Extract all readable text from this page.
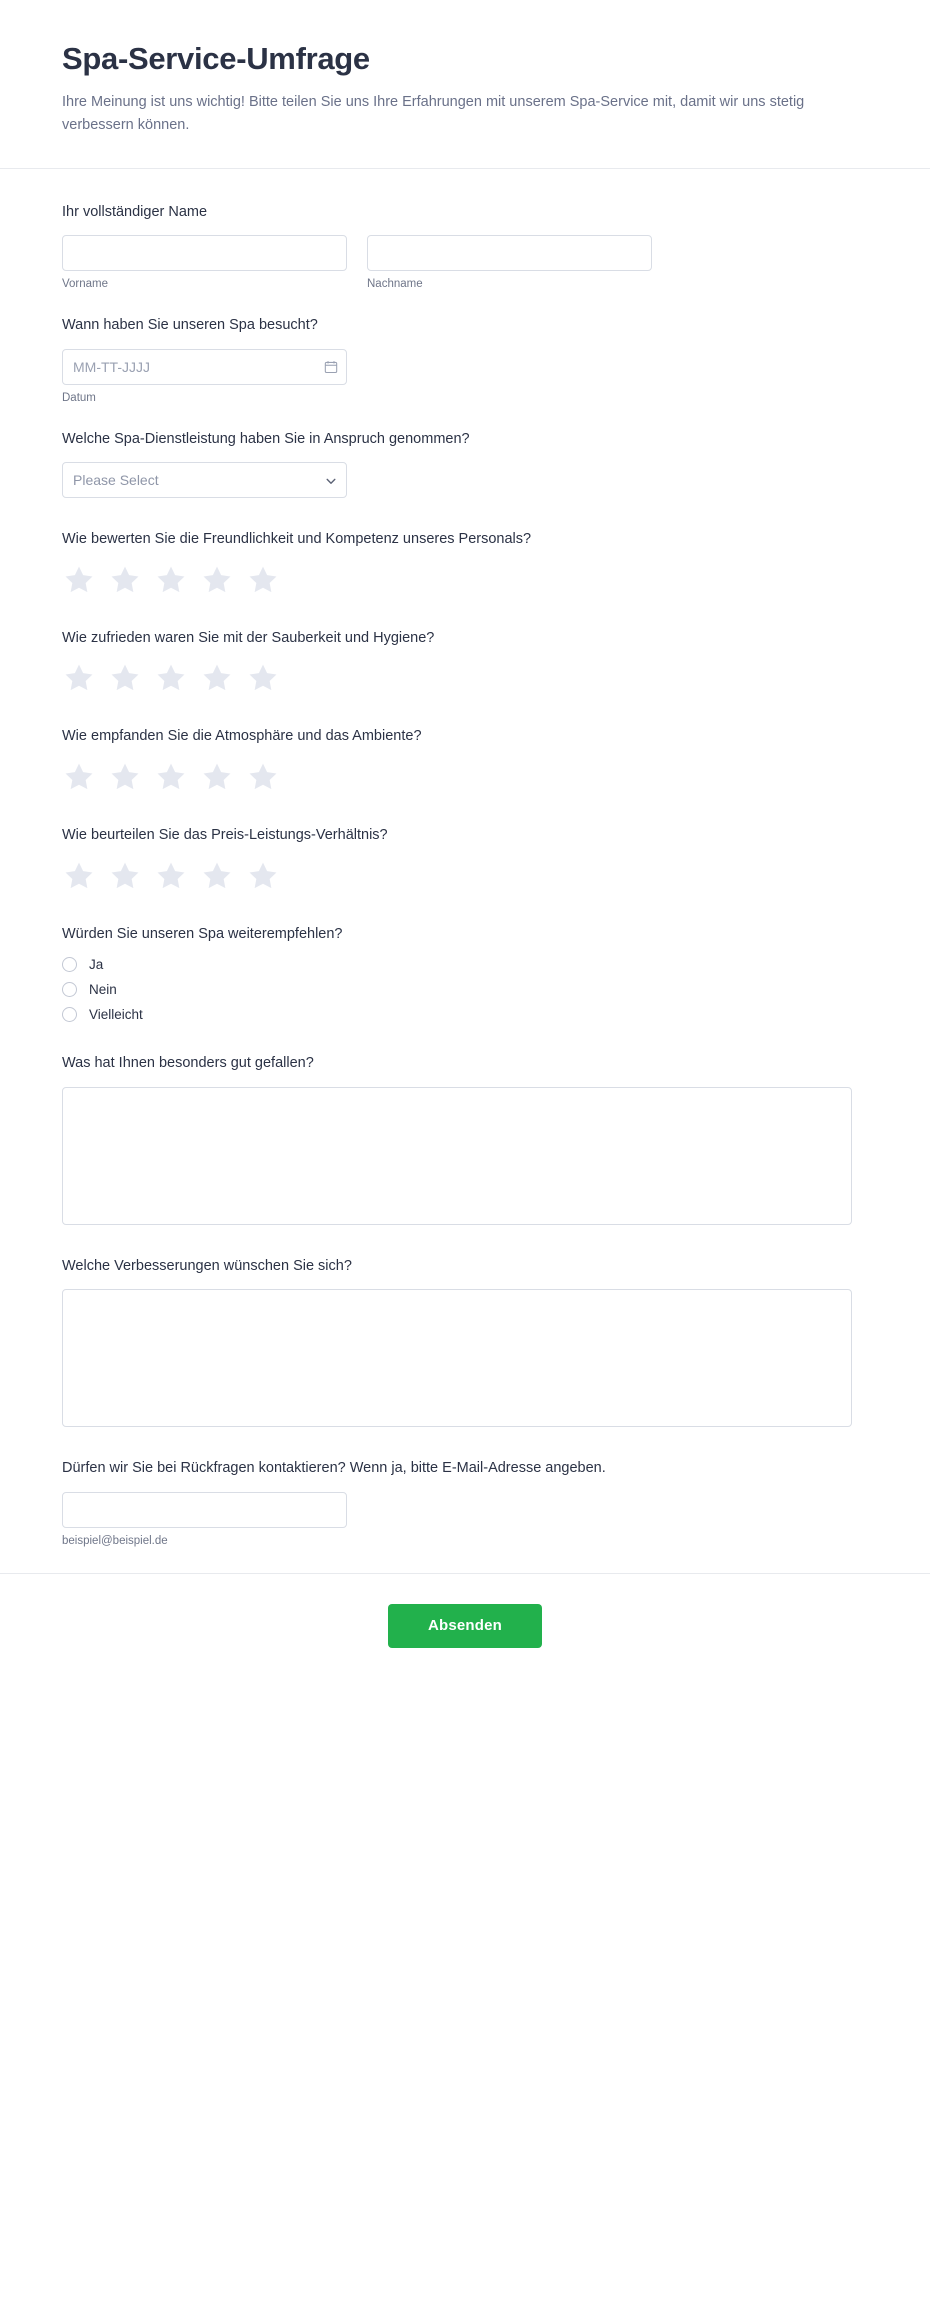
Spa-Service-Umfrage

Ihre Meinung ist uns wichtig! Bitte teilen Sie uns Ihre Erfahrungen mit unserem Spa-Service mit, damit wir uns stetig verbessern können.

Ihr vollständiger Name
Vorname	Nachname
Wann haben Sie unseren Spa besucht?
MM-TT-JJJJ
Datum
Welche Spa-Dienstleistung haben Sie in Anspruch genommen?
Please Select
Wie bewerten Sie die Freundlichkeit und Kompetenz unseres Personals?
Wie zufrieden waren Sie mit der Sauberkeit und Hygiene?
Wie empfanden Sie die Atmosphäre und das Ambiente?
Wie beurteilen Sie das Preis-Leistungs-Verhältnis?
Würden Sie unseren Spa weiterempfehlen?
Ja
Nein
Vielleicht
Was hat Ihnen besonders gut gefallen?
Welche Verbesserungen wünschen Sie sich?
Dürfen wir Sie bei Rückfragen kontaktieren? Wenn ja, bitte E-Mail-Adresse angeben.
beispiel@beispiel.de
Absenden
